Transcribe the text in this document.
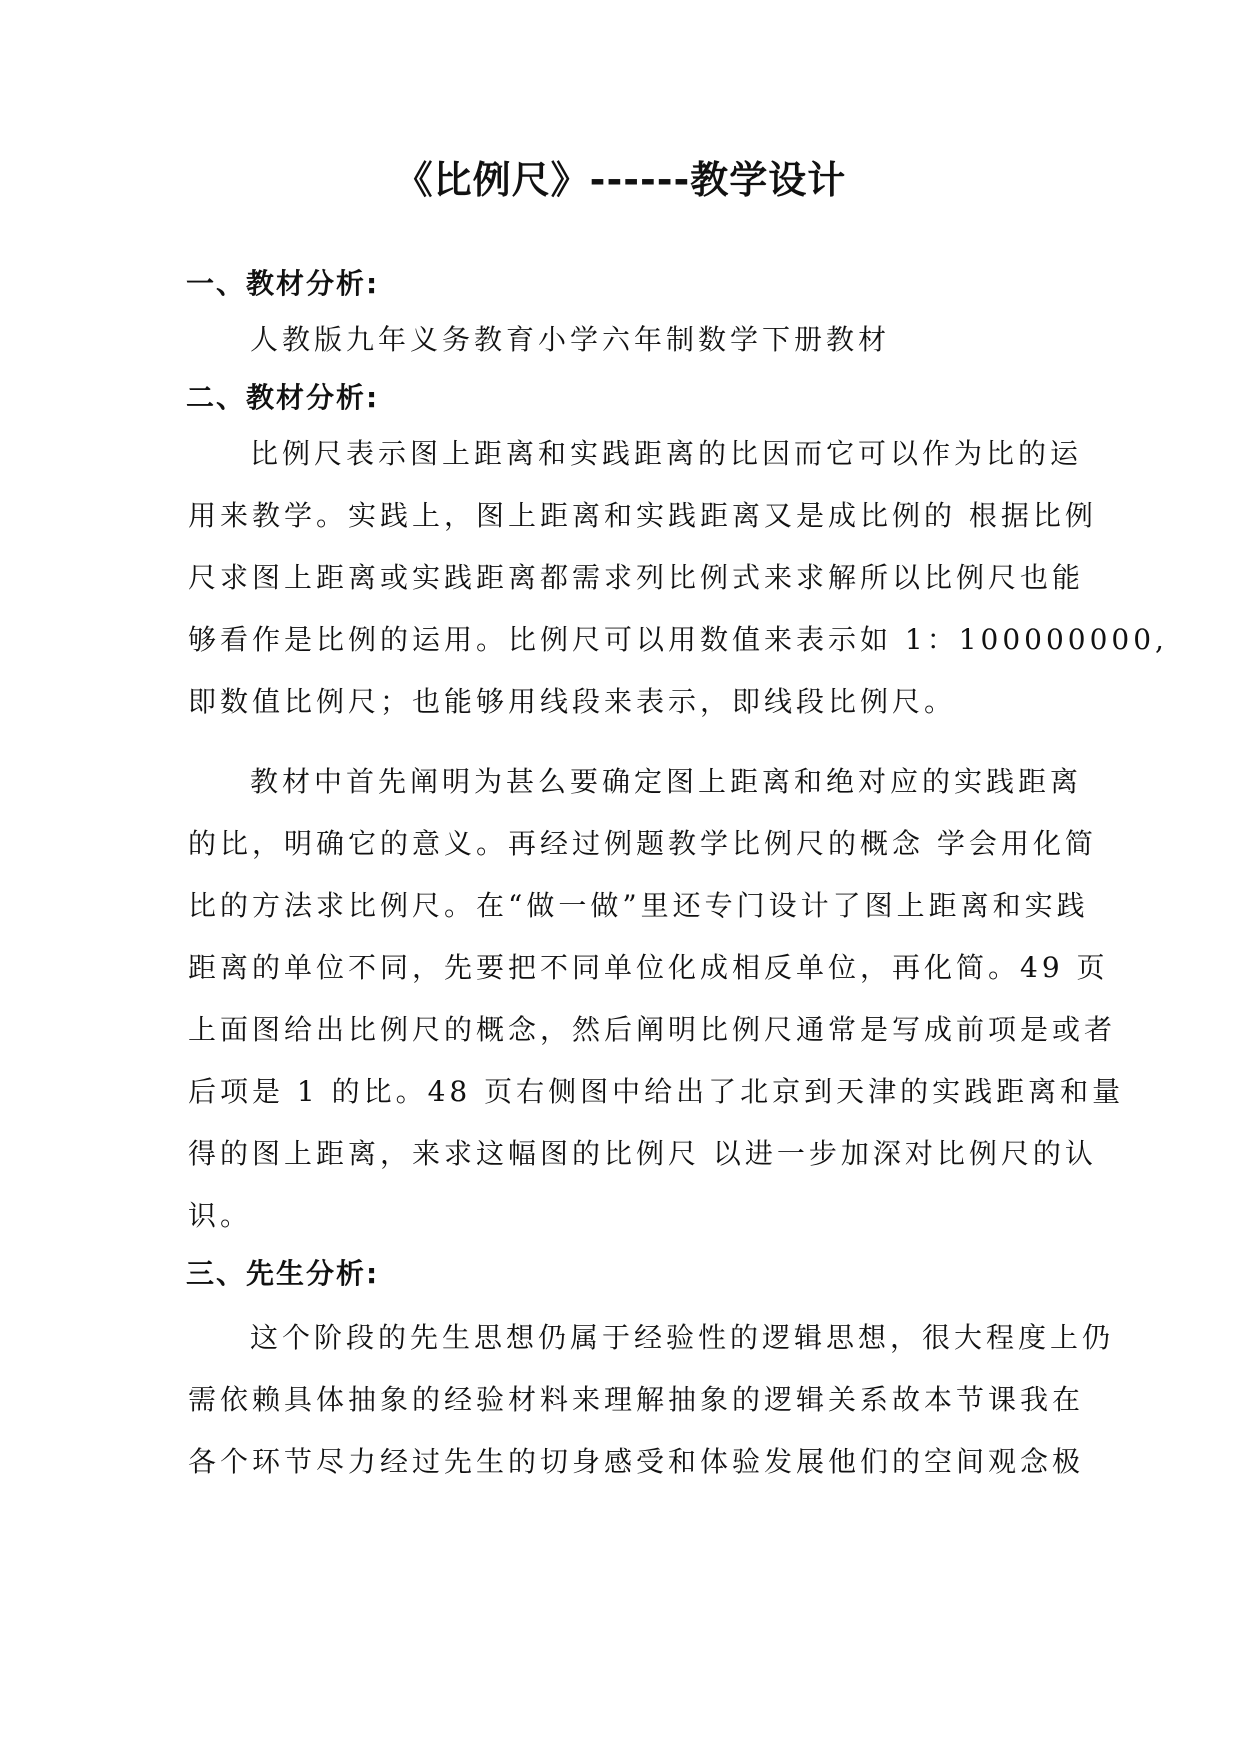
《比例尺》------教学设计
一、教材分析:
人教版九年义务教育小学六年制数学下册教材
二、教材分析:
比例尺表示图上距离和实践距离的比因而它可以作为比的运
用来教学。实践上，图上距离和实践距离又是成比例的 根据比例
尺求图上距离或实践距离都需求列比例式来求解所以比例尺也能
够看作是比例的运用。比例尺可以用数值来表示如 1：100000000,
即数值比例尺；也能够用线段来表示，即线段比例尺。
教材中首先阐明为甚么要确定图上距离和绝对应的实践距离
的比，明确它的意义。再经过例题教学比例尺的概念 学会用化简
比的方法求比例尺。在“做一做”里还专门设计了图上距离和实践
距离的单位不同，先要把不同单位化成相反单位，再化简。49 页
上面图给出比例尺的概念，然后阐明比例尺通常是写成前项是或者
后项是 1 的比。48 页右侧图中给出了北京到天津的实践距离和量
得的图上距离，来求这幅图的比例尺 以进一步加深对比例尺的认
识。
三、先生分析:
这个阶段的先生思想仍属于经验性的逻辑思想，很大程度上仍
需依赖具体抽象的经验材料来理解抽象的逻辑关系故本节课我在
各个环节尽力经过先生的切身感受和体验发展他们的空间观念极
